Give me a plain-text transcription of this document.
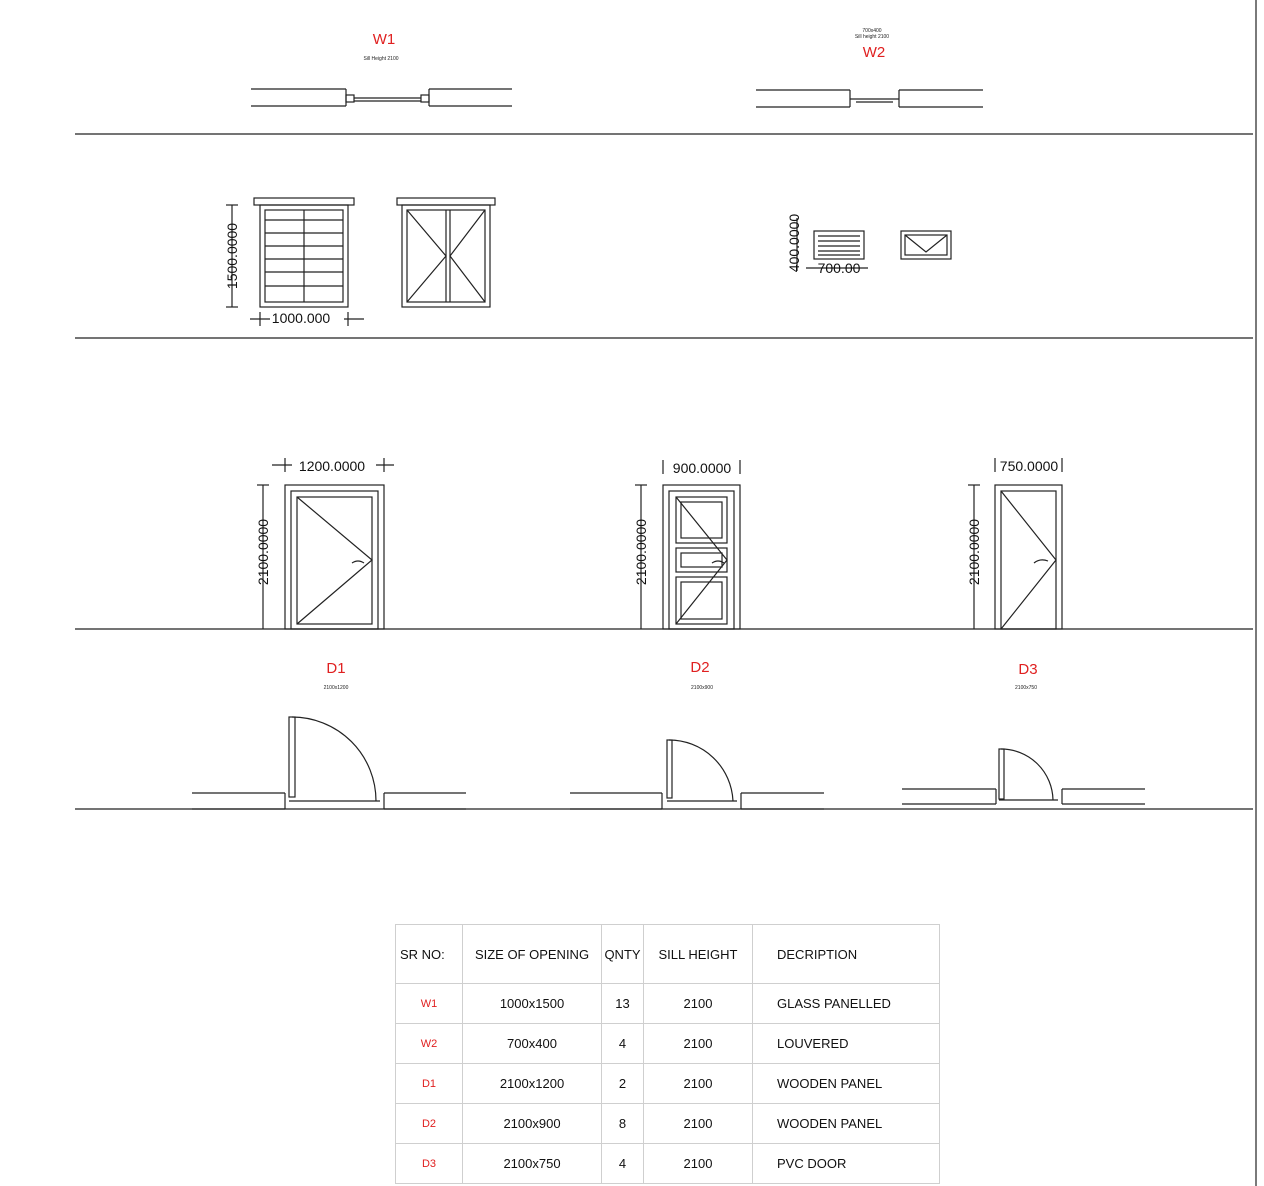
W1
Sill Height 2100
700x400
Sill height 2100
W2
1500.0000
1000.000
400.0000 700.00
1200.0000
2100.0000
900.0000
2100.0000
750.0000
2100.0000
D1
2100x1200
D2
2100x900
D3
2100x750
SR NO:	SIZE OF OPENING	QNTY	SILL HEIGHT	DECRIPTION
W1	1000x1500	13	2100	GLASS PANELLED
W2	700x400	4	2100	LOUVERED
D1	2100x1200	2	2100	WOODEN PANEL
D2	2100x900	8	2100	WOODEN PANEL
D3	2100x750	4	2100	PVC DOOR
